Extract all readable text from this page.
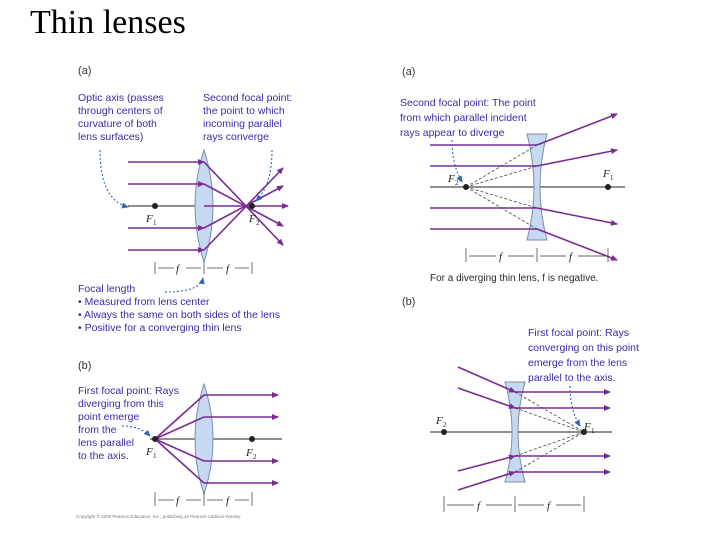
Thin lenses
(a)
Optic axis (passes
through centers of
curvature of both
lens surfaces)
Second focal point:
the point to which
incoming parallel
rays converge
F 1	F 2
f	f
Focal length
• Measured from lens center
• Always the same on both sides of the lens
• Positive for a converging thin lens
(b)
First focal point: Rays
diverging from this
point emerge
from the
lens parallel
to the axis. F 1	F 2
f	f
Copyright © 2008 Pearson Education, Inc., publishing as Pearson Addison-Wesley.
(a)
Second focal point: The point
from which parallel incident
rays appear to diverge
F 2
F 1
f	f
For a diverging thin lens, f is negative.
(b)
First focal point: Rays
converging on this point
emerge from the lens
parallel to the axis.
F 2	F 1
f	f
